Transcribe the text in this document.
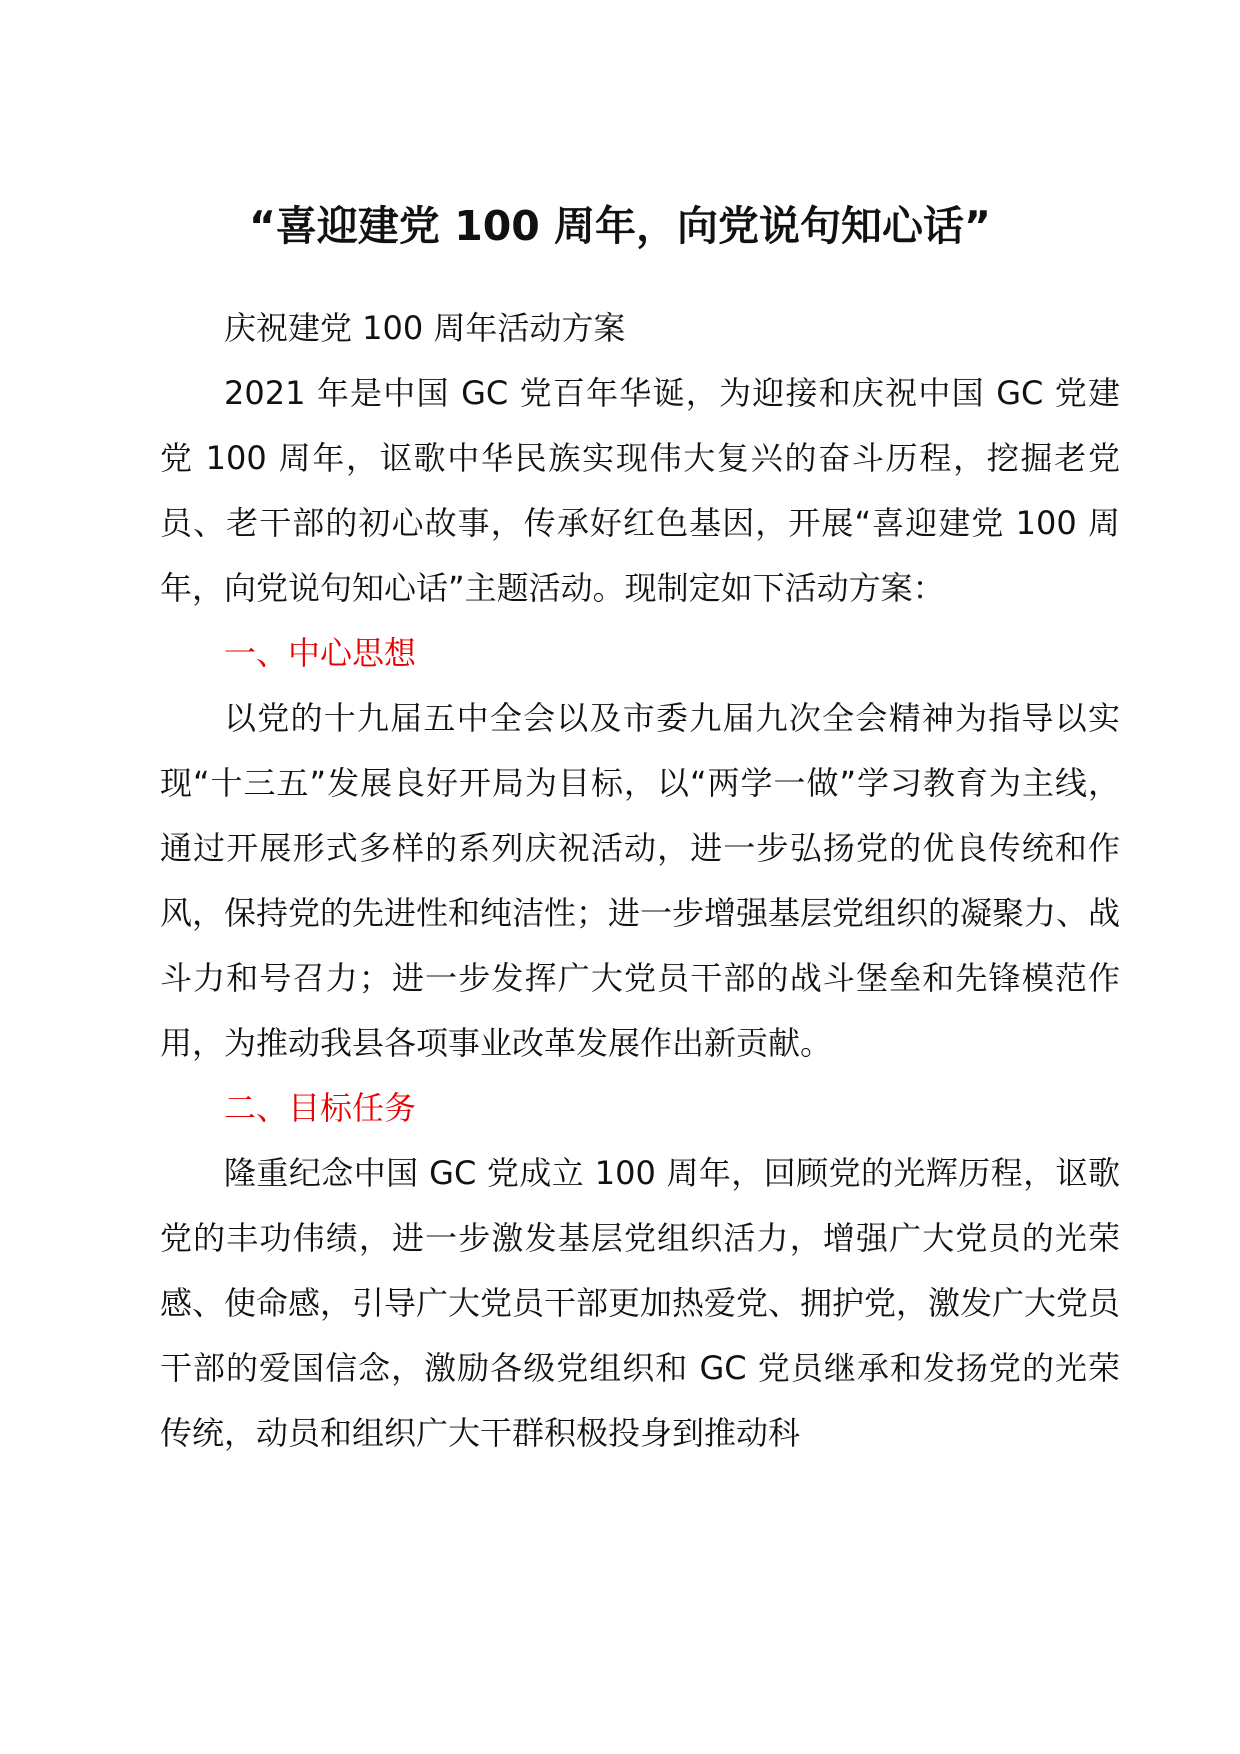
“喜迎建党 100 周年，向党说句知心话”

庆祝建党 100 周年活动方案

2021 年是中国 GC 党百年华诞，为迎接和庆祝中国 GC 党建党 100 周年，讴歌中华民族实现伟大复兴的奋斗历程，挖掘老党员、老干部的初心故事，传承好红色基因，开展“喜迎建党 100 周年，向党说句知心话”主题活动。现制定如下活动方案：

一、中心思想

以党的十九届五中全会以及市委九届九次全会精神为指导以实现“十三五”发展良好开局为目标，以“两学一做”学习教育为主线，通过开展形式多样的系列庆祝活动，进一步弘扬党的优良传统和作风，保持党的先进性和纯洁性；进一步增强基层党组织的凝聚力、战斗力和号召力；进一步发挥广大党员干部的战斗堡垒和先锋模范作用，为推动我县各项事业改革发展作出新贡献。

二、目标任务

隆重纪念中国 GC 党成立 100 周年，回顾党的光辉历程，讴歌党的丰功伟绩，进一步激发基层党组织活力，增强广大党员的光荣感、使命感，引导广大党员干部更加热爱党、拥护党，激发广大党员干部的爱国信念，激励各级党组织和 GC 党员继承和发扬党的光荣传统，动员和组织广大干群积极投身到推动科
